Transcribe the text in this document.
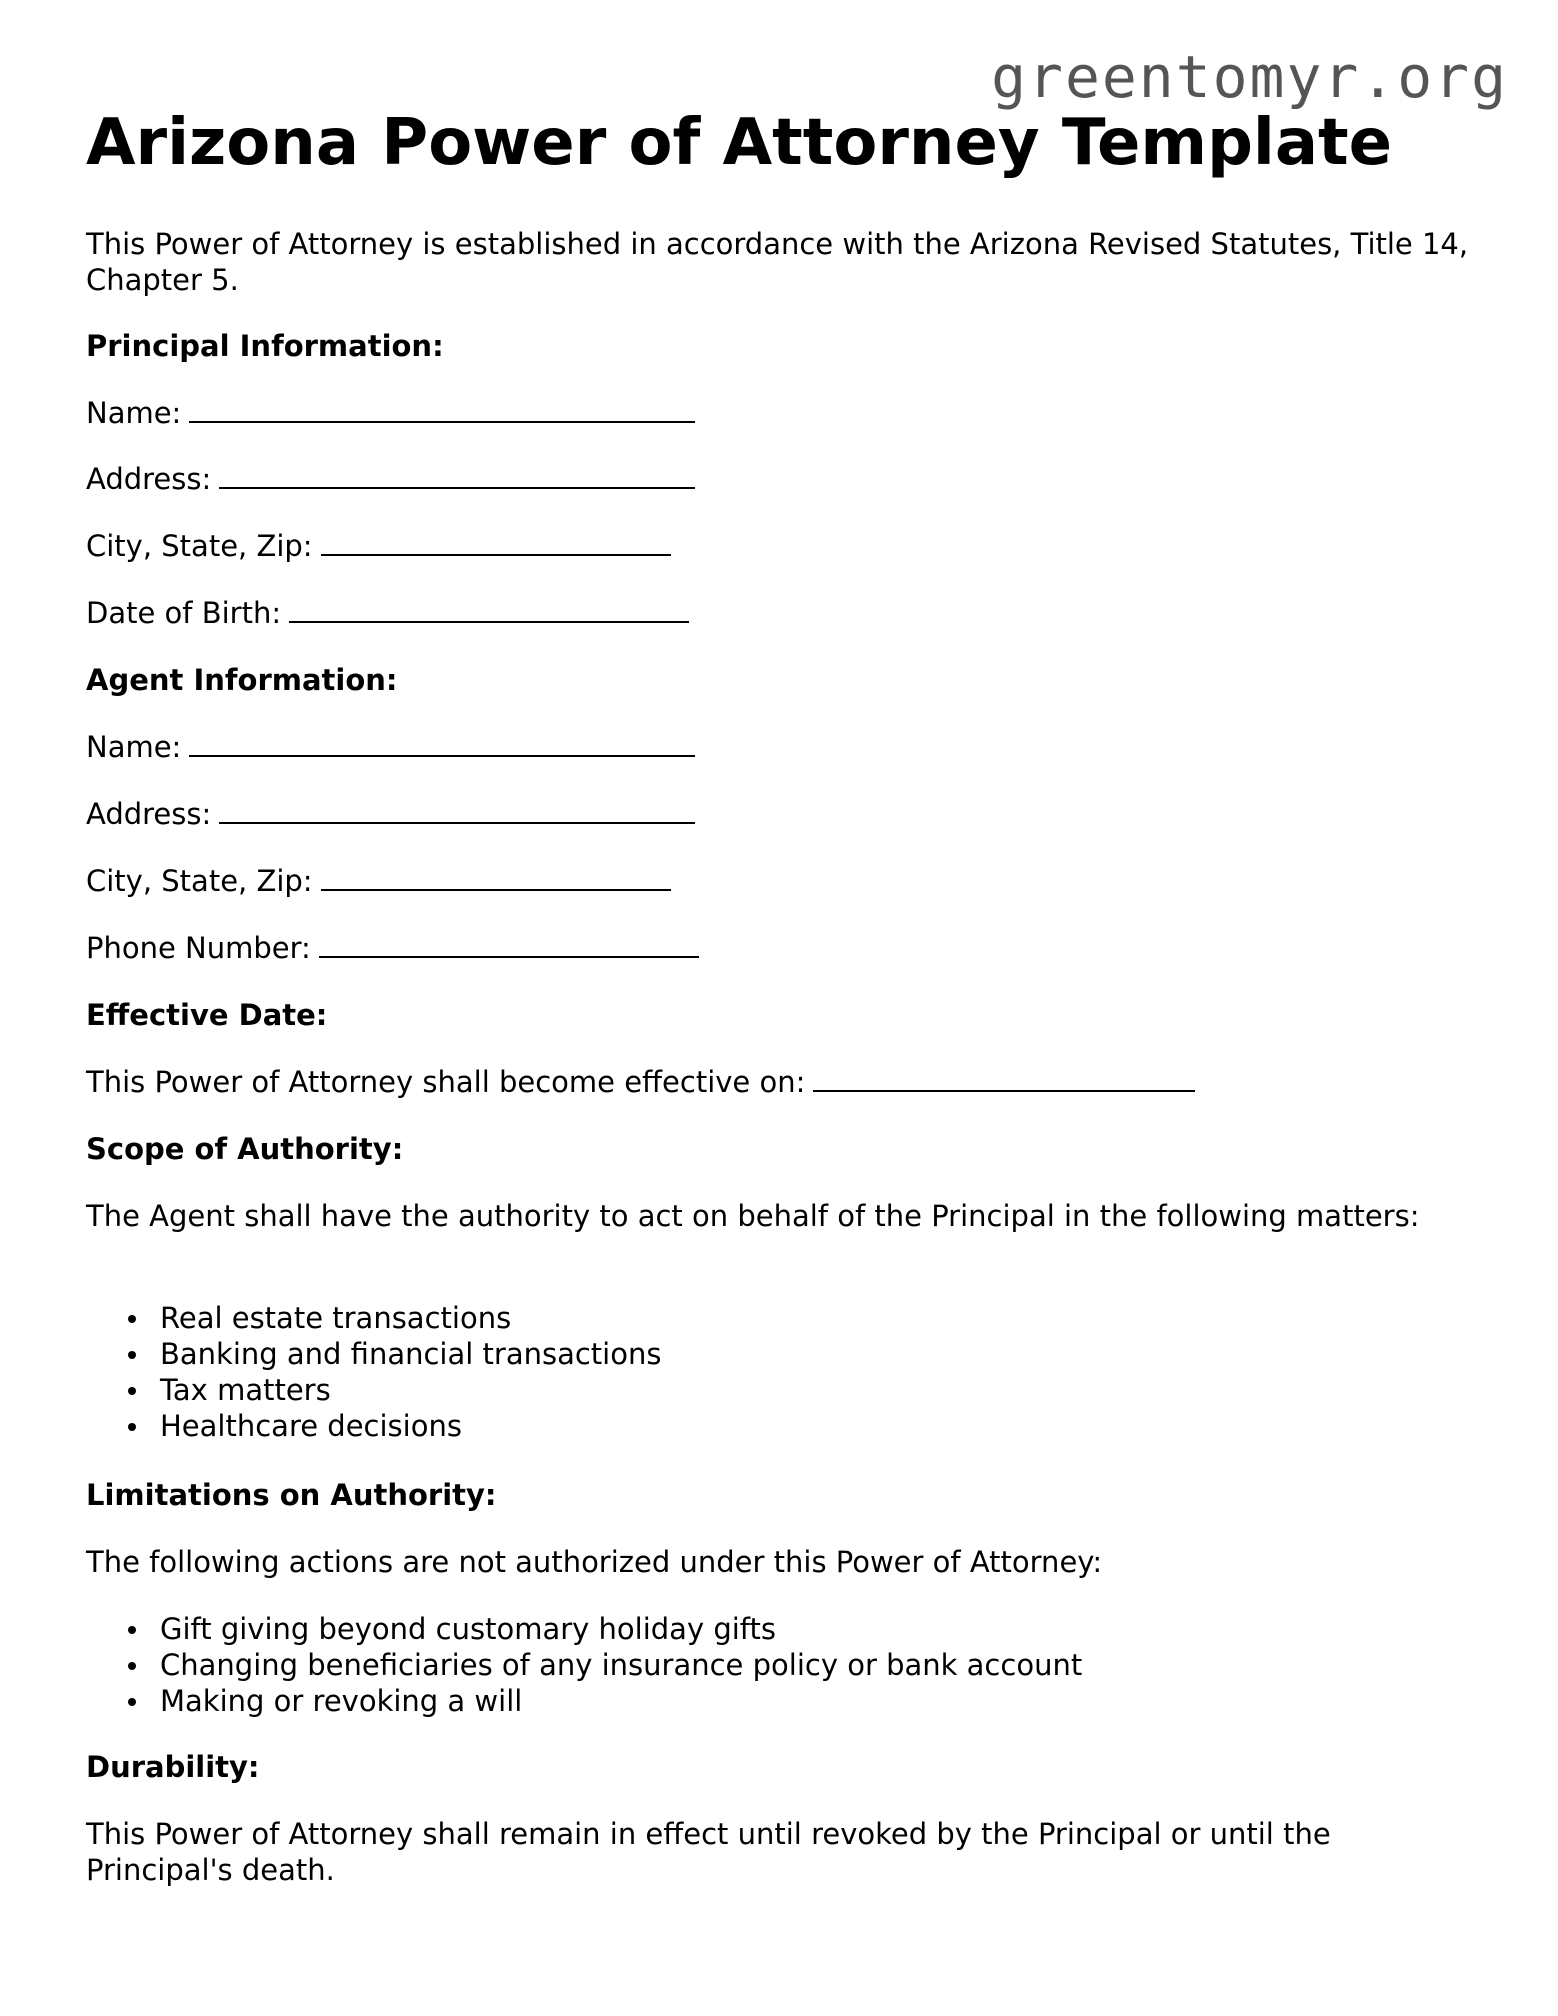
greentomyr.org
Arizona Power of Attorney Template

This Power of Attorney is established in accordance with the Arizona Revised Statutes, Title 14, Chapter 5.

Principal Information:

Name:

Address:

City, State, Zip:

Date of Birth:

Agent Information:

Name:

Address:

City, State, Zip:

Phone Number:

Effective Date:

This Power of Attorney shall become effective on:

Scope of Authority:

The Agent shall have the authority to act on behalf of the Principal in the following matters:

Real estate transactions
Banking and financial transactions
Tax matters
Healthcare decisions

Limitations on Authority:

The following actions are not authorized under this Power of Attorney:

Gift giving beyond customary holiday gifts
Changing beneficiaries of any insurance policy or bank account
Making or revoking a will

Durability:

This Power of Attorney shall remain in effect until revoked by the Principal or until the Principal's death.
